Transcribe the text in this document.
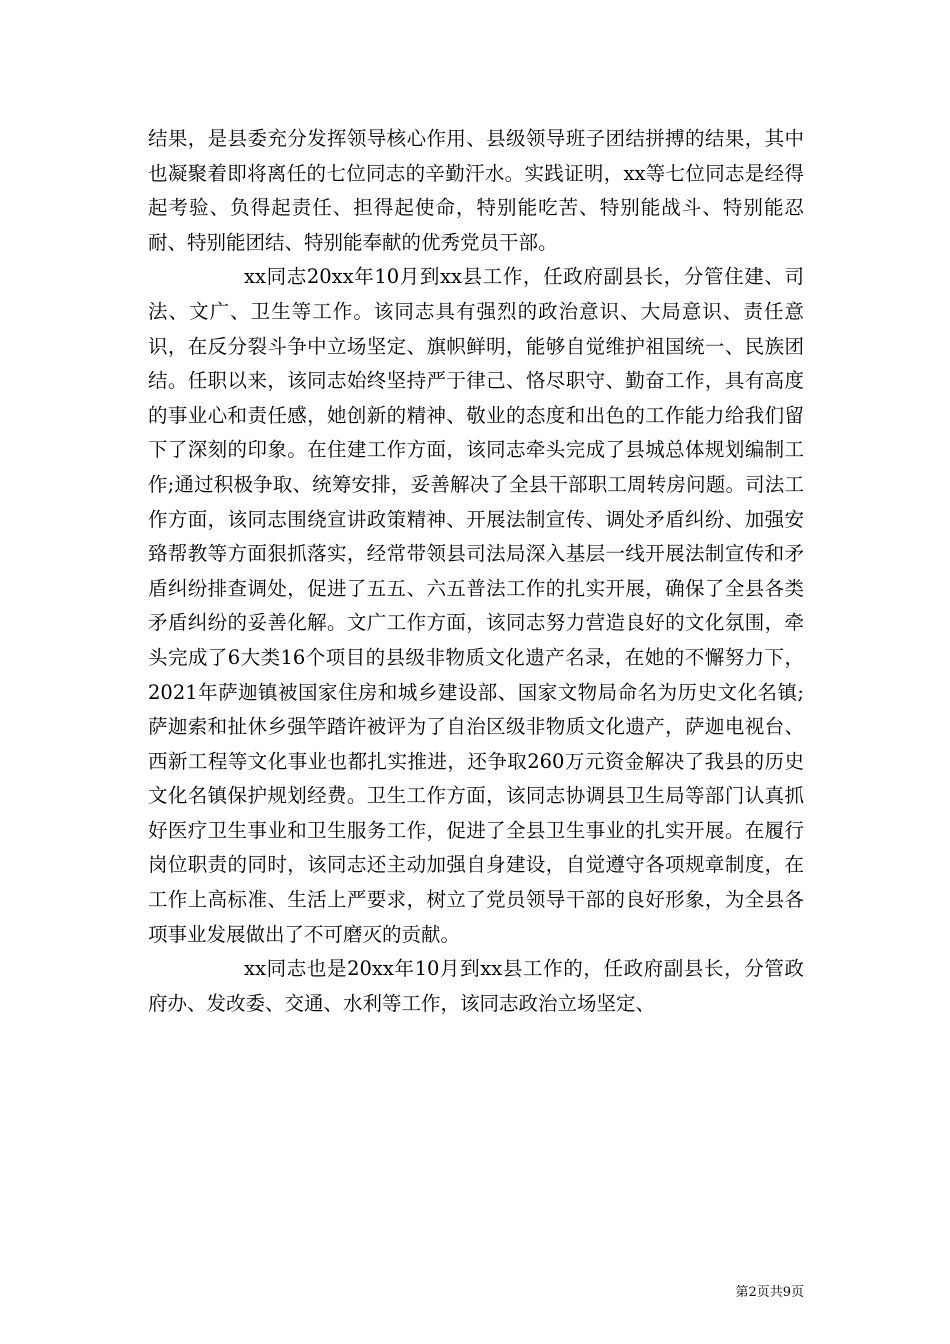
结果，是县委充分发挥领导核心作用、县级领导班子团结拼搏的结果，其中也凝聚着即将离任的七位同志的辛勤汗水。实践证明，xx等七位同志是经得起考验、负得起责任、担得起使命，特别能吃苦、特别能战斗、特别能忍耐、特别能团结、特别能奉献的优秀党员干部。

xx同志20xx年10月到xx县工作，任政府副县长，分管住建、司法、文广、卫生等工作。该同志具有强烈的政治意识、大局意识、责任意识，在反分裂斗争中立场坚定、旗帜鲜明，能够自觉维护祖国统一、民族团结。任职以来，该同志始终坚持严于律己、恪尽职守、勤奋工作，具有高度的事业心和责任感，她创新的精神、敬业的态度和出色的工作能力给我们留下了深刻的印象。在住建工作方面，该同志牵头完成了县城总体规划编制工作;通过积极争取、统筹安排，妥善解决了全县干部职工周转房问题。司法工作方面，该同志围绕宣讲政策精神、开展法制宣传、调处矛盾纠纷、加强安臵帮教等方面狠抓落实，经常带领县司法局深入基层一线开展法制宣传和矛盾纠纷排查调处，促进了五五、六五普法工作的扎实开展，确保了全县各类矛盾纠纷的妥善化解。文广工作方面，该同志努力营造良好的文化氛围，牵头完成了6大类16个项目的县级非物质文化遗产名录，在她的不懈努力下，2021年萨迦镇被国家住房和城乡建设部、国家文物局命名为历史文化名镇;萨迦索和扯休乡强竿踏许被评为了自治区级非物质文化遗产，萨迦电视台、西新工程等文化事业也都扎实推进，还争取260万元资金解决了我县的历史文化名镇保护规划经费。卫生工作方面，该同志协调县卫生局等部门认真抓好医疗卫生事业和卫生服务工作，促进了全县卫生事业的扎实开展。在履行岗位职责的同时，该同志还主动加强自身建设，自觉遵守各项规章制度，在工作上高标准、生活上严要求，树立了党员领导干部的良好形象，为全县各项事业发展做出了不可磨灭的贡献。

xx同志也是20xx年10月到xx县工作的，任政府副县长，分管政府办、发改委、交通、水利等工作，该同志政治立场坚定、

第2页共9页
